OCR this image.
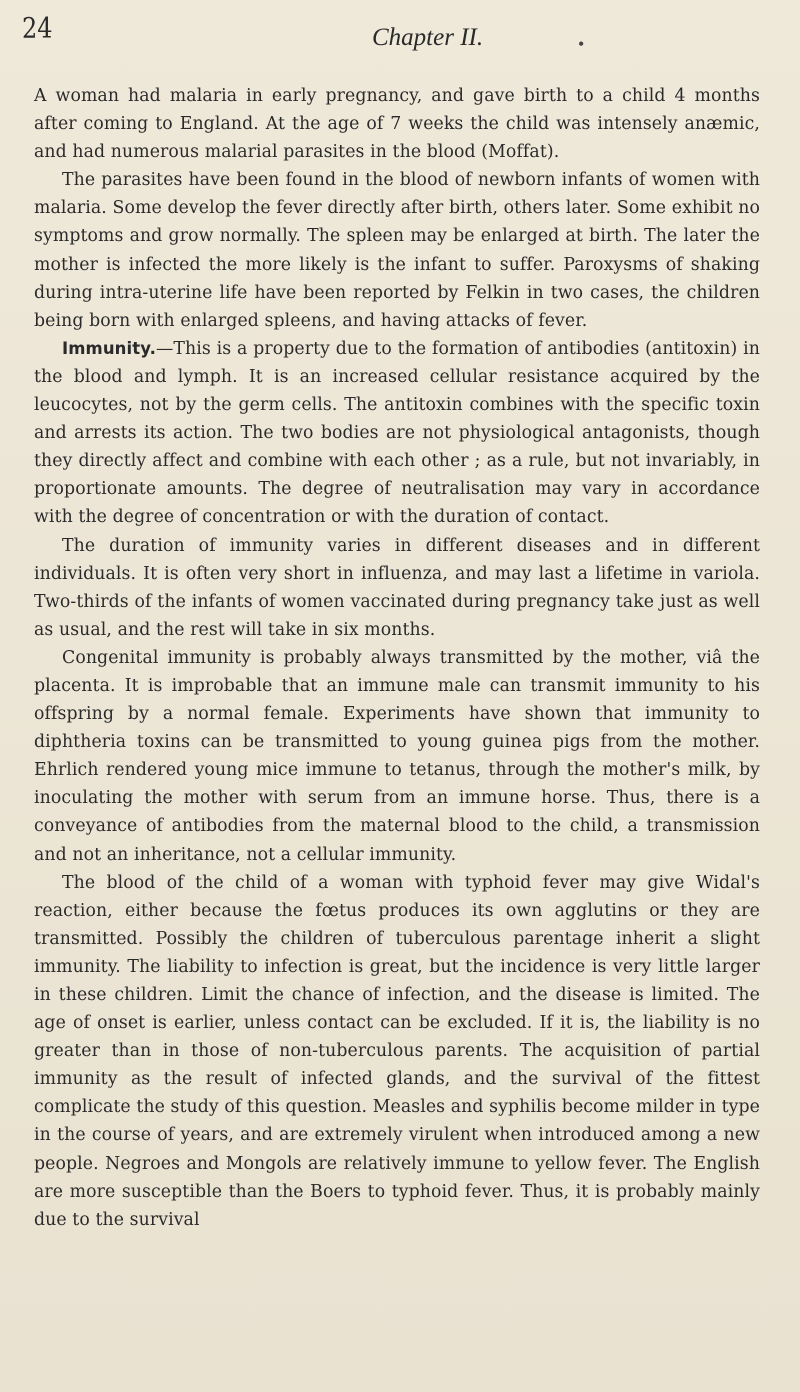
24	Chapter II.	•

A woman had malaria in early pregnancy, and gave birth to a child 4 months after coming to England. At the age of 7 weeks the child was intensely anæmic, and had numerous malarial parasites in the blood (Moffat).

The parasites have been found in the blood of newborn infants of women with malaria. Some develop the fever directly after birth, others later. Some exhibit no symptoms and grow normally. The spleen may be enlarged at birth. The later the mother is infected the more likely is the infant to suffer. Paroxysms of shaking during intra-uterine life have been reported by Felkin in two cases, the children being born with enlarged spleens, and having attacks of fever.

Immunity.—This is a property due to the formation of antibodies (antitoxin) in the blood and lymph. It is an increased cellular resistance acquired by the leucocytes, not by the germ cells. The antitoxin combines with the specific toxin and arrests its action. The two bodies are not physiological antagonists, though they directly affect and combine with each other ; as a rule, but not invariably, in proportionate amounts. The degree of neutralisation may vary in accordance with the degree of concentration or with the duration of contact.

The duration of immunity varies in different diseases and in different individuals. It is often very short in influenza, and may last a lifetime in variola. Two-thirds of the infants of women vaccinated during pregnancy take just as well as usual, and the rest will take in six months.

Congenital immunity is probably always transmitted by the mother, viâ the placenta. It is improbable that an immune male can transmit immunity to his offspring by a normal female. Experiments have shown that immunity to diphtheria toxins can be transmitted to young guinea pigs from the mother. Ehrlich rendered young mice immune to tetanus, through the mother's milk, by inoculating the mother with serum from an immune horse. Thus, there is a conveyance of antibodies from the maternal blood to the child, a transmission and not an inheritance, not a cellular immunity.

The blood of the child of a woman with typhoid fever may give Widal's reaction, either because the fœtus produces its own agglutins or they are transmitted. Possibly the children of tuberculous parentage inherit a slight immunity. The liability to infection is great, but the incidence is very little larger in these children. Limit the chance of infection, and the disease is limited. The age of onset is earlier, unless contact can be excluded. If it is, the liability is no greater than in those of non-tuberculous parents. The acquisition of partial immunity as the result of infected glands, and the survival of the fittest complicate the study of this question. Measles and syphilis become milder in type in the course of years, and are extremely virulent when introduced among a new people. Negroes and Mongols are relatively immune to yellow fever. The English are more susceptible than the Boers to typhoid fever. Thus, it is probably mainly due to the survival
